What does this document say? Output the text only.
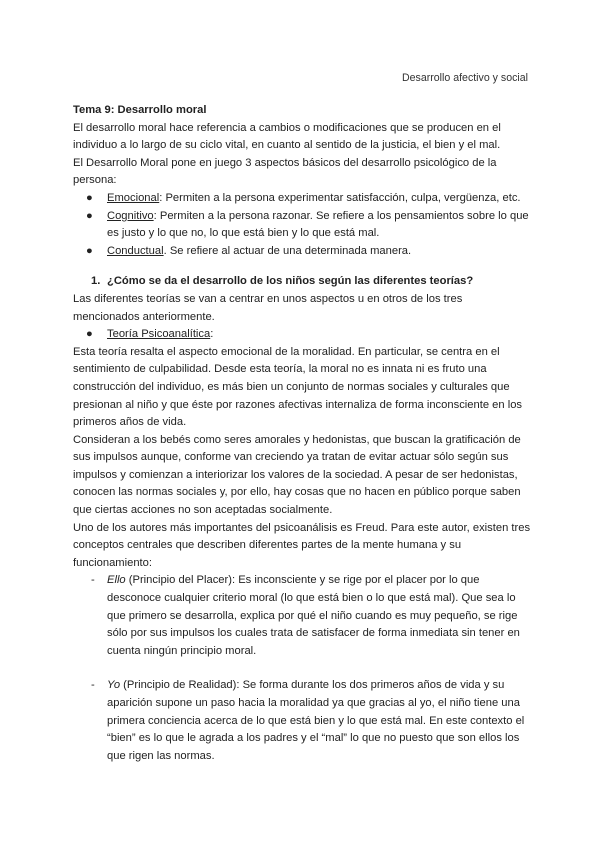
Desarrollo afectivo y social

Tema 9: Desarrollo moral

El desarrollo moral hace referencia a cambios o modificaciones que se producen en el individuo a lo largo de su ciclo vital, en cuanto al sentido de la justicia, el bien y el mal.

El Desarrollo Moral pone en juego 3 aspectos básicos del desarrollo psicológico de la persona:

● Emocional: Permiten a la persona experimentar satisfacción, culpa, vergüenza, etc.
● Cognitivo: Permiten a la persona razonar. Se refiere a los pensamientos sobre lo que es justo y lo que no, lo que está bien y lo que está mal.
● Conductual. Se refiere al actuar de una determinada manera.
1. ¿Cómo se da el desarrollo de los niños según las diferentes teorías?

Las diferentes teorías se van a centrar en unos aspectos u en otros de los tres mencionados anteriormente.

● Teoría Psicoanalítica:

Esta teoría resalta el aspecto emocional de la moralidad. En particular, se centra en el sentimiento de culpabilidad. Desde esta teoría, la moral no es innata ni es fruto una construcción del individuo, es más bien un conjunto de normas sociales y culturales que presionan al niño y que éste por razones afectivas internaliza de forma inconsciente en los primeros años de vida.

Consideran a los bebés como seres amorales y hedonistas, que buscan la gratificación de sus impulsos aunque, conforme van creciendo ya tratan de evitar actuar sólo según sus impulsos y comienzan a interiorizar los valores de la sociedad. A pesar de ser hedonistas, conocen las normas sociales y, por ello, hay cosas que no hacen en público porque saben que ciertas acciones no son aceptadas socialmente.

Uno de los autores más importantes del psicoanálisis es Freud. Para este autor, existen tres conceptos centrales que describen diferentes partes de la mente humana y su funcionamiento:

- Ello (Principio del Placer): Es inconsciente y se rige por el placer por lo que desconoce cualquier criterio moral (lo que está bien o lo que está mal). Que sea lo que primero se desarrolla, explica por qué el niño cuando es muy pequeño, se rige sólo por sus impulsos los cuales trata de satisfacer de forma inmediata sin tener en cuenta ningún principio moral.
- Yo (Principio de Realidad): Se forma durante los dos primeros años de vida y su aparición supone un paso hacia la moralidad ya que gracias al yo, el niño tiene una primera conciencia acerca de lo que está bien y lo que está mal. En este contexto el “bien” es lo que le agrada a los padres y el “mal” lo que no puesto que son ellos los que rigen las normas.
